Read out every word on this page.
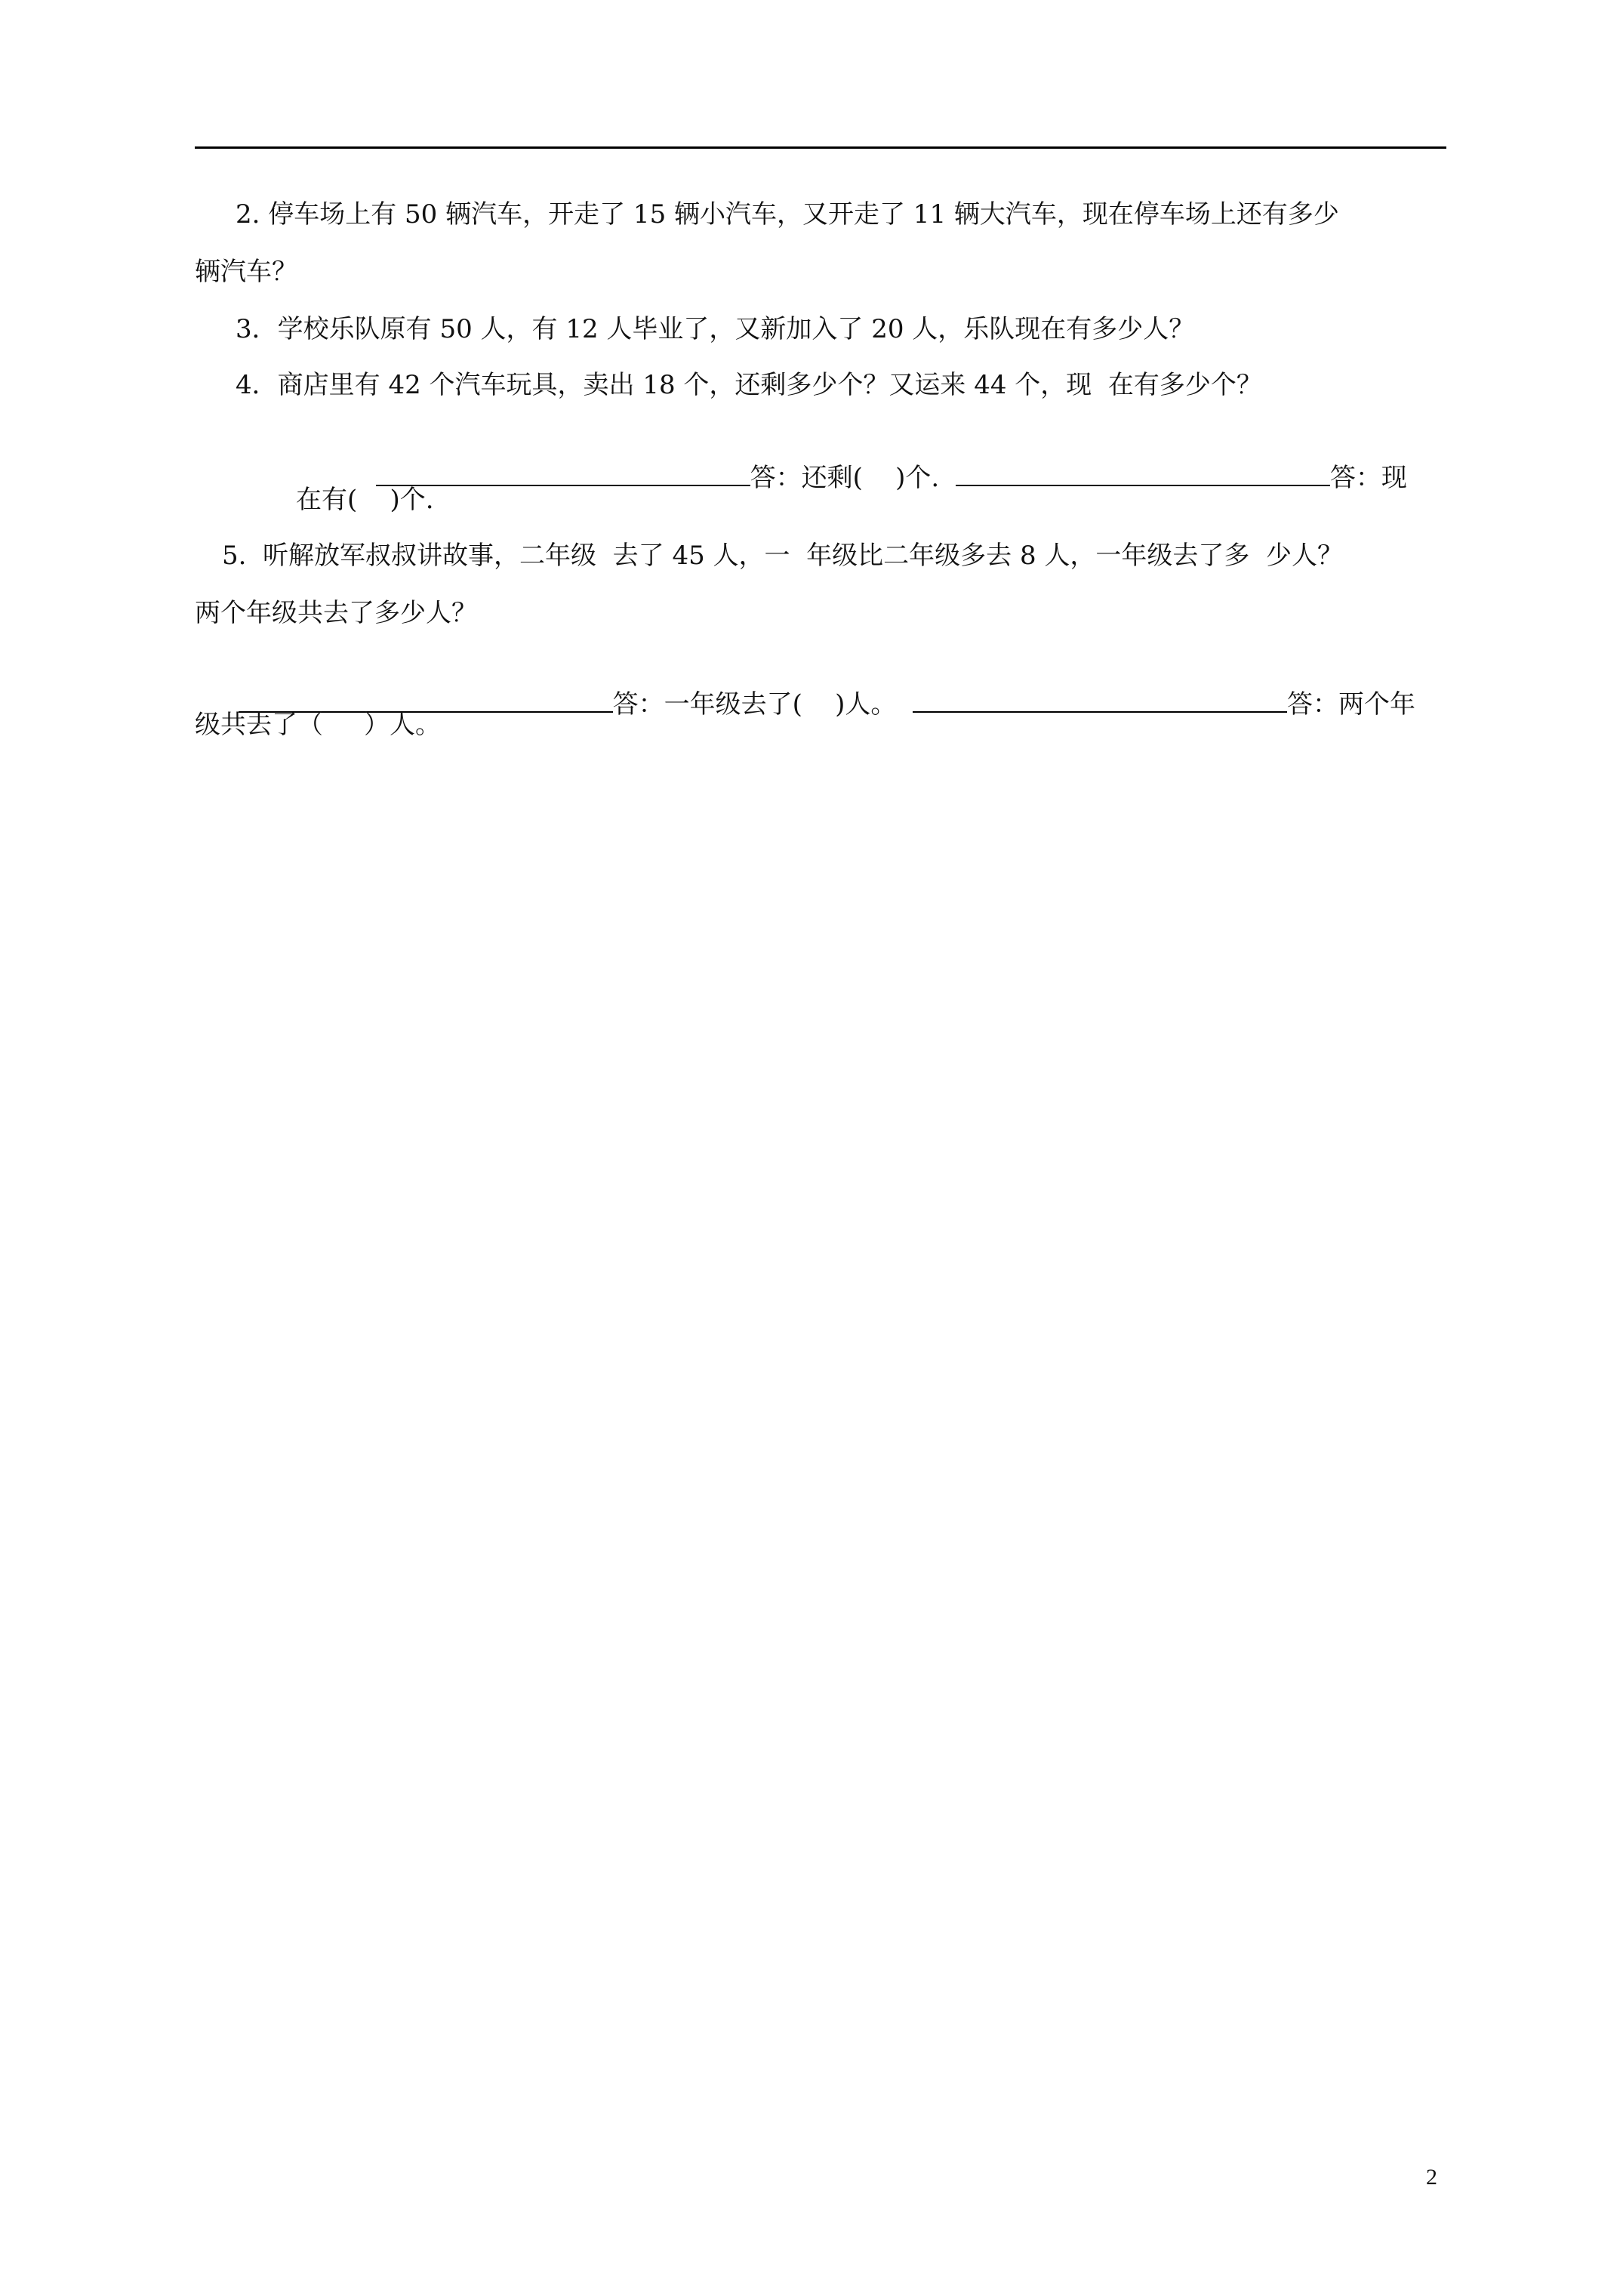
2. 停车场上有 50 辆汽车，开走了 15 辆小汽车，又开走了 11 辆大汽车，现在停车场上还有多少
辆汽车？
3．学校乐队原有 50 人，有 12 人毕业了，又新加入了 20 人，乐队现在有多少人？
4．商店里有 42 个汽车玩具，卖出 18 个，还剩多少个？又运来 44 个，现  在有多少个？

答：还剩(    )个.	答：现

在有(    )个.
5.  听解放军叔叔讲故事，二年级  去了 45 人，一  年级比二年级多去 8 人，一年级去了多  少人？
两个年级共去了多少人？

答：一年级去了(    )人。	答：两个年

级共去了（     ）人。
2
